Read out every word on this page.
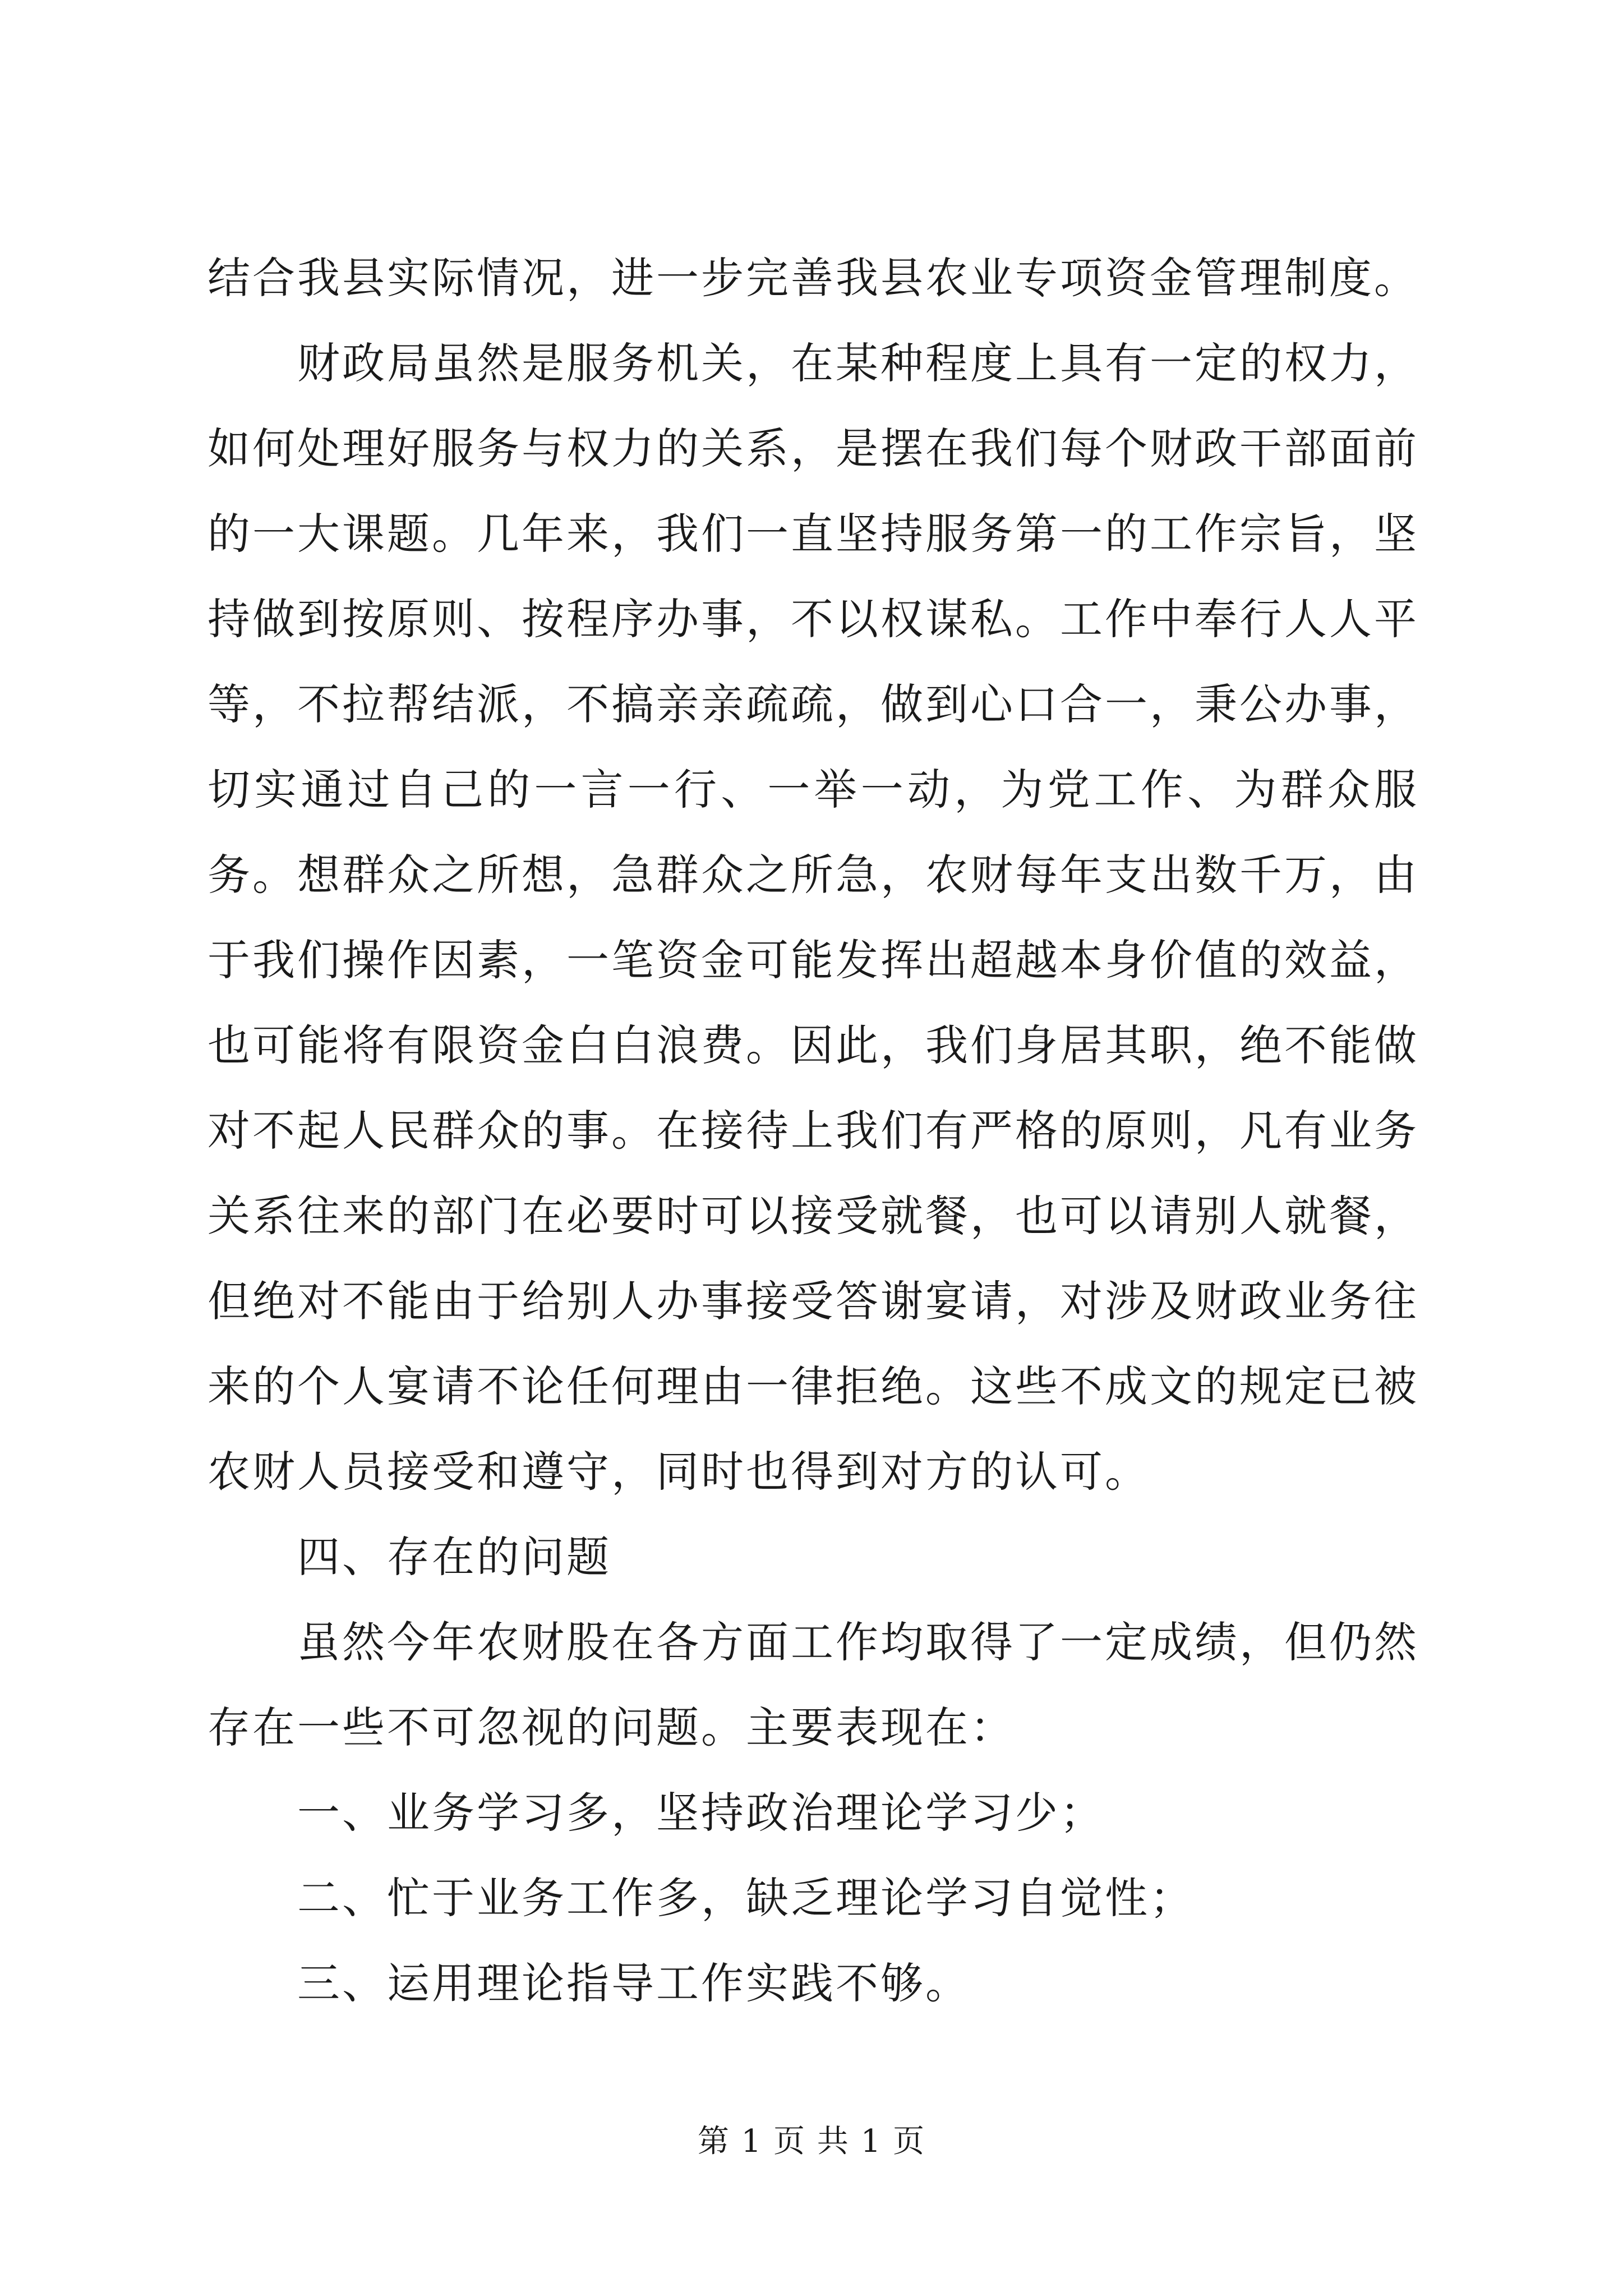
结合我县实际情况，进一步完善我县农业专项资金管理制度。

财政局虽然是服务机关，在某种程度上具有一定的权力，如何处理好服务与权力的关系，是摆在我们每个财政干部面前的一大课题。几年来，我们一直坚持服务第一的工作宗旨，坚持做到按原则、按程序办事，不以权谋私。工作中奉行人人平等，不拉帮结派，不搞亲亲疏疏，做到心口合一，秉公办事，切实通过自己的一言一行、一举一动，为党工作、为群众服务。想群众之所想，急群众之所急，农财每年支出数千万，由于我们操作因素，一笔资金可能发挥出超越本身价值的效益，也可能将有限资金白白浪费。因此，我们身居其职，绝不能做对不起人民群众的事。在接待上我们有严格的原则，凡有业务关系往来的部门在必要时可以接受就餐，也可以请别人就餐，但绝对不能由于给别人办事接受答谢宴请，对涉及财政业务往来的个人宴请不论任何理由一律拒绝。这些不成文的规定已被农财人员接受和遵守，同时也得到对方的认可。

四、存在的问题

虽然今年农财股在各方面工作均取得了一定成绩，但仍然存在一些不可忽视的问题。主要表现在：

一、业务学习多，坚持政治理论学习少；

二、忙于业务工作多，缺乏理论学习自觉性；

三、运用理论指导工作实践不够。

第 1 页 共 1 页
